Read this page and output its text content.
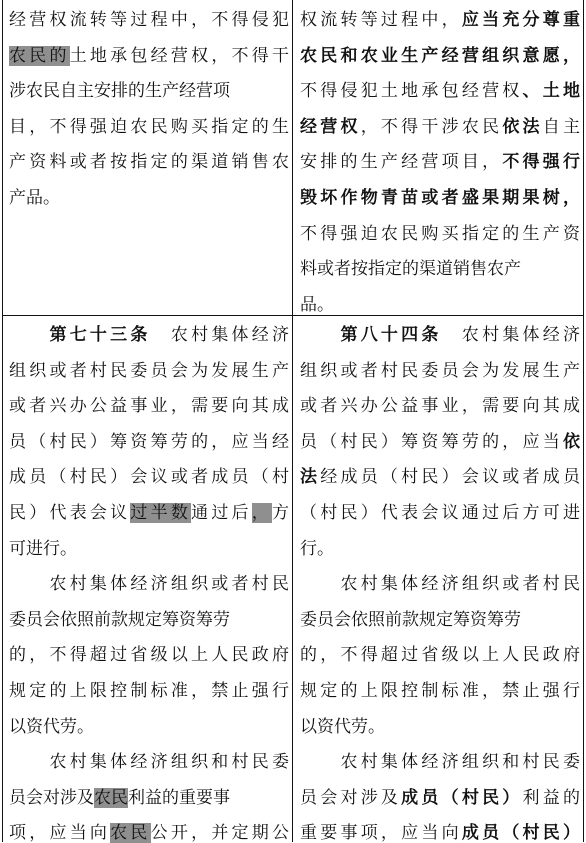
经营权流转等过程中，不得侵犯
农民的土地承包经营权，不得干
涉农民自主安排的生产经营项
目，不得强迫农民购买指定的生
产资料或者按指定的渠道销售农
产品。
权流转等过程中，应当充分尊重
农民和农业生产经营组织意愿，
不得侵犯土地承包经营权、土地
经营权，不得干涉农民依法自主
安排的生产经营项目，不得强行
毁坏作物青苗或者盛果期果树，
不得强迫农民购买指定的生产资
料或者按指定的渠道销售农产
品。
　　第七十三条　农村集体经济
组织或者村民委员会为发展生产
或者兴办公益事业，需要向其成
员（村民）筹资筹劳的，应当经
成员（村民）会议或者成员（村
民）代表会议过半数通过后，方
可进行。
　　农村集体经济组织或者村民
委员会依照前款规定筹资筹劳
的，不得超过省级以上人民政府
规定的上限控制标准，禁止强行
以资代劳。
　　农村集体经济组织和村民委
员会对涉及农民利益的重要事
项，应当向农民公开，并定期公
　　第八十四条　农村集体经济
组织或者村民委员会为发展生产
或者兴办公益事业，需要向其成
员（村民）筹资筹劳的，应当依
法经成员（村民）会议或者成员
（村民）代表会议通过后方可进
行。
　　农村集体经济组织或者村民
委员会依照前款规定筹资筹劳
的，不得超过省级以上人民政府
规定的上限控制标准，禁止强行
以资代劳。
　　农村集体经济组织和村民委
员会对涉及成员（村民）利益的
重要事项，应当向成员（村民）
